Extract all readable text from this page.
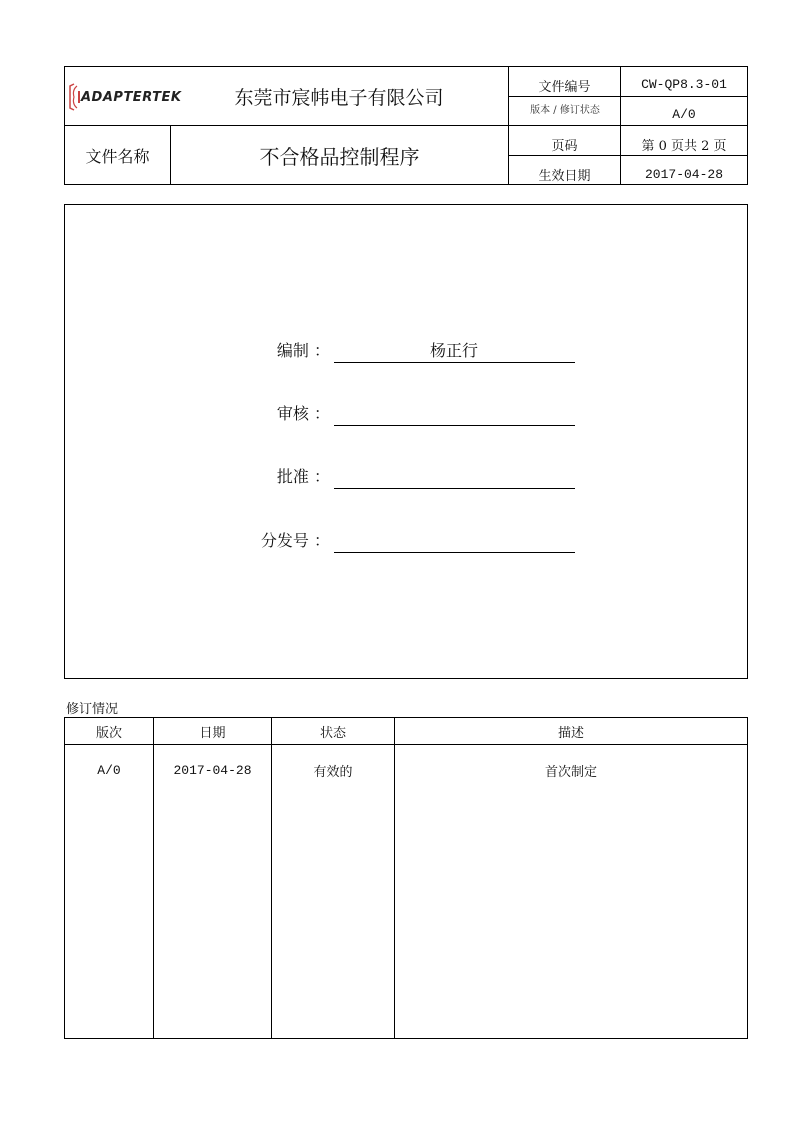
ADAPTERTEK	东莞市宸帏电子有限公司
文件名称	不合格品控制程序
文件编号	CW-QP8.3-01
版本 / 修订状态	A/0
页码	第 0 页共 2 页
生效日期	2017-04-28
编制 ：	杨正行
审核 ：
批准 ：
分发号 ：
修订情况
版次	日期	状态	描述
A/0	2017-04-28	有效的	首次制定
